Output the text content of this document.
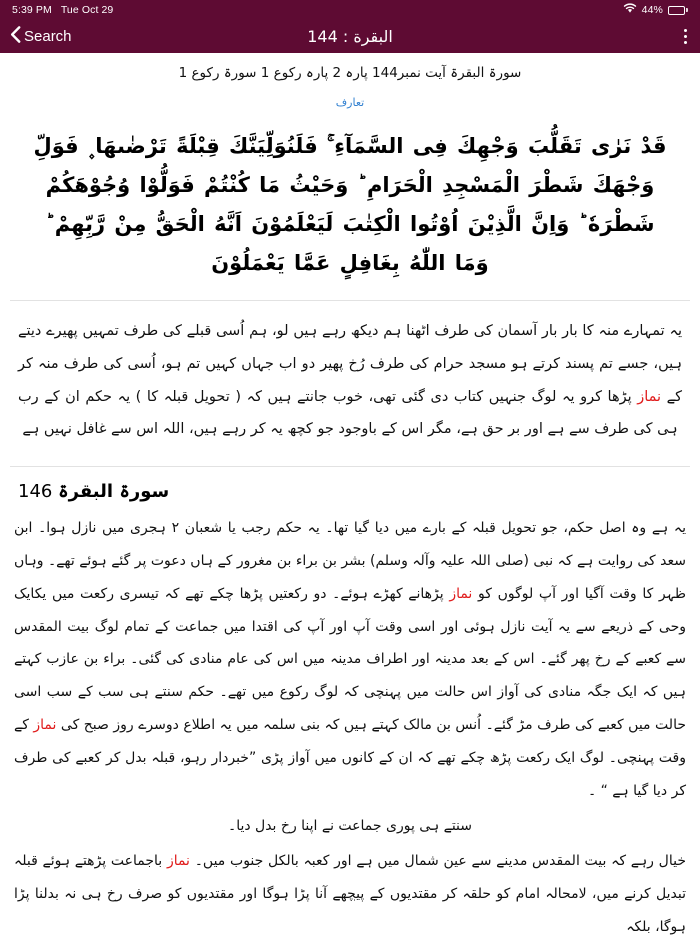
5:39 PM Tue Oct 29	44%
Search	البقرة : 144
سورۃ البقرۃ آیت نمبر144 پارہ 2 پارہ رکوع 1 سورۃ رکوع 1
تعارف
قَدْ نَرٰى تَقَلُّبَ وَجْهِكَ فِى السَّمَآءِ ۚ فَلَنُوَلِّيَنَّكَ قِبْلَةً تَرْضٰىهَا ۪ فَوَلِّ وَجْهَكَ شَطْرَ الْمَسْجِدِ الْحَرَامِ ؕ وَحَيْثُ مَا كُنْتُمْ فَوَلُّوْا وُجُوْهَكُمْ شَطْرَهٗ ؕ وَاِنَّ الَّذِيْنَ اُوْتُوا الْكِتٰبَ لَيَعْلَمُوْنَ اَنَّهُ الْحَقُّ مِنْ رَّبِّهِمْ ؕ وَمَا اللّٰهُ بِغَافِلٍ عَمَّا يَعْمَلُوْنَ
یہ تمہارے منہ کا بار بار آسمان کی طرف اٹھنا ہم دیکھ رہے ہیں لو، ہم اُسی قبلے کی طرف تمہیں پھیرے دیتے ہیں، جسے تم پسند کرتے ہو مسجد حرام کی طرف رُخ پھیر دو اب جہاں کہیں تم ہو، اُسی کی طرف منہ کر کے نماز پڑھا کرو یہ لوگ جنہیں کتاب دی گئی تھی، خوب جانتے ہیں کہ ( تحویل قبلہ کا ) یہ حکم ان کے رب ہی کی طرف سے ہے اور بر حق ہے، مگر اس کے باوجود جو کچھ یہ کر رہے ہیں، اللہ اس سے غافل نہیں ہے
سورۃ البقرۃ 146

یہ ہے وہ اصل حکم، جو تحویل قبلہ کے بارے میں دیا گیا تھا۔ یہ حکم رجب یا شعبان ۲ ہجری میں نازل ہوا۔ ابن سعد کی روایت ہے کہ نبی (صلی اللہ علیہ وآلہ وسلم) بشر بن براء بن مغرور کے ہاں دعوت پر گئے ہوئے تھے۔ وہاں ظہر کا وقت آگیا اور آپ لوگوں کو نماز پڑھانے کھڑے ہوئے۔ دو رکعتیں پڑھا چکے تھے کہ تیسری رکعت میں یکایک وحی کے ذریعے سے یہ آیت نازل ہوئی اور اسی وقت آپ اور آپ کی اقتدا میں جماعت کے تمام لوگ بیت المقدس سے کعبے کے رخ پھر گئے۔ اس کے بعد مدینہ اور اطراف مدینہ میں اس کی عام منادی کی گئی۔ براء بن عازب کہتے ہیں کہ ایک جگہ منادی کی آواز اس حالت میں پہنچی کہ لوگ رکوع میں تھے۔ حکم سنتے ہی سب کے سب اسی حالت میں کعبے کی طرف مڑ گئے۔ اُنس بن مالک کہتے ہیں کہ بنی سلمہ میں یہ اطلاع دوسرے روز صبح کی نماز کے وقت پہنچی۔ لوگ ایک رکعت پڑھ چکے تھے کہ ان کے کانوں میں آواز پڑی ”خبردار رہو، قبلہ بدل کر کعبے کی طرف کر دیا گیا ہے “ ۔

سنتے ہی پوری جماعت نے اپنا رخ بدل دیا۔

خیال رہے کہ بیت المقدس مدینے سے عین شمال میں ہے اور کعبہ بالکل جنوب میں۔ نماز باجماعت پڑھتے ہوئے قبلہ تبدیل کرنے میں، لامحالہ امام کو حلقہ کر مقتدیوں کے پیچھے آنا پڑا ہوگا اور مقتدیوں کو صرف رخ ہی نہ بدلنا پڑا ہوگا، بلکہ
